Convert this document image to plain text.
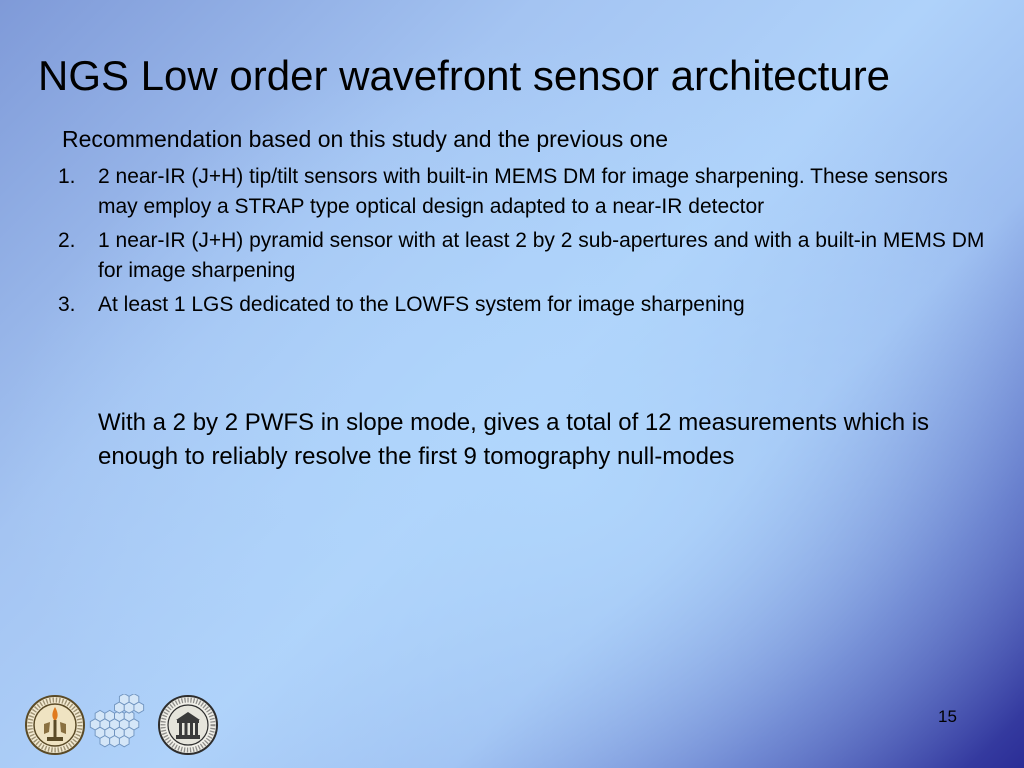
NGS Low order wavefront sensor architecture
Recommendation based on this study and the previous one
1. 2 near-IR (J+H) tip/tilt sensors with built-in MEMS DM for image sharpening. These sensors may employ a STRAP type optical design adapted to a near-IR detector
2. 1 near-IR (J+H) pyramid sensor with at least 2 by 2 sub-apertures and with a built-in MEMS DM for image sharpening
3. At least 1 LGS dedicated to the LOWFS system for image sharpening
With a 2 by 2 PWFS in slope mode, gives a total of 12 measurements which is enough to reliably resolve the first 9 tomography null-modes
15
